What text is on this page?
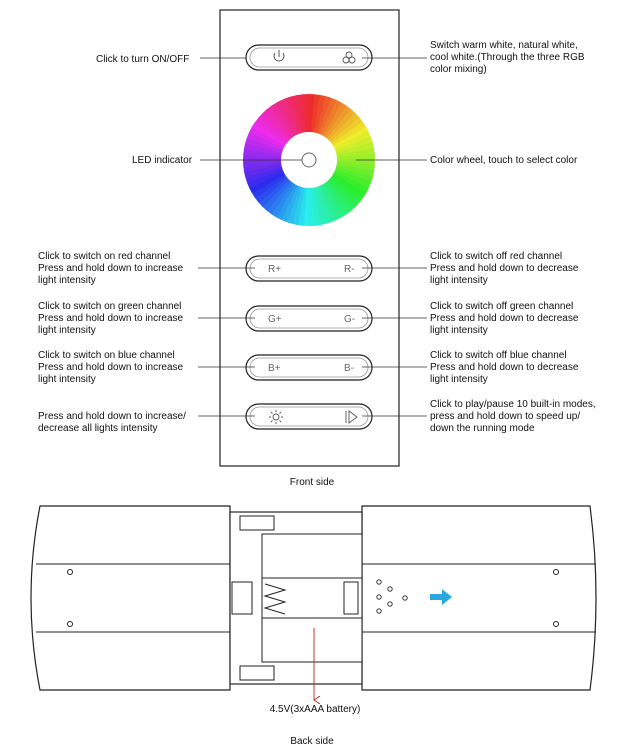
Click to turn ON/OFF
LED indicator
Click to switch on red channel
Press and hold down to increase
light intensity
Click to switch on green channel
Press and hold down to increase
light intensity
Click to switch on blue channel
Press and hold down to increase
light intensity
Press and hold down to increase/
decrease all lights intensity
Switch warm white, natural white,
cool white.(Through the three RGB
color mixing)
Color wheel, touch to select color
Click to switch off red channel
Press and hold down to decrease
light intensity
Click to switch off green channel
Press and hold down to decrease
light intensity
Click to switch off blue channel
Press and hold down to decrease
light intensity
Click to play/pause 10 built-in modes,
press and hold down to speed up/
down the running mode
Front side
4.5V(3xAAA battery)
Back side
R+	R-
G+	G-
B+	B-
